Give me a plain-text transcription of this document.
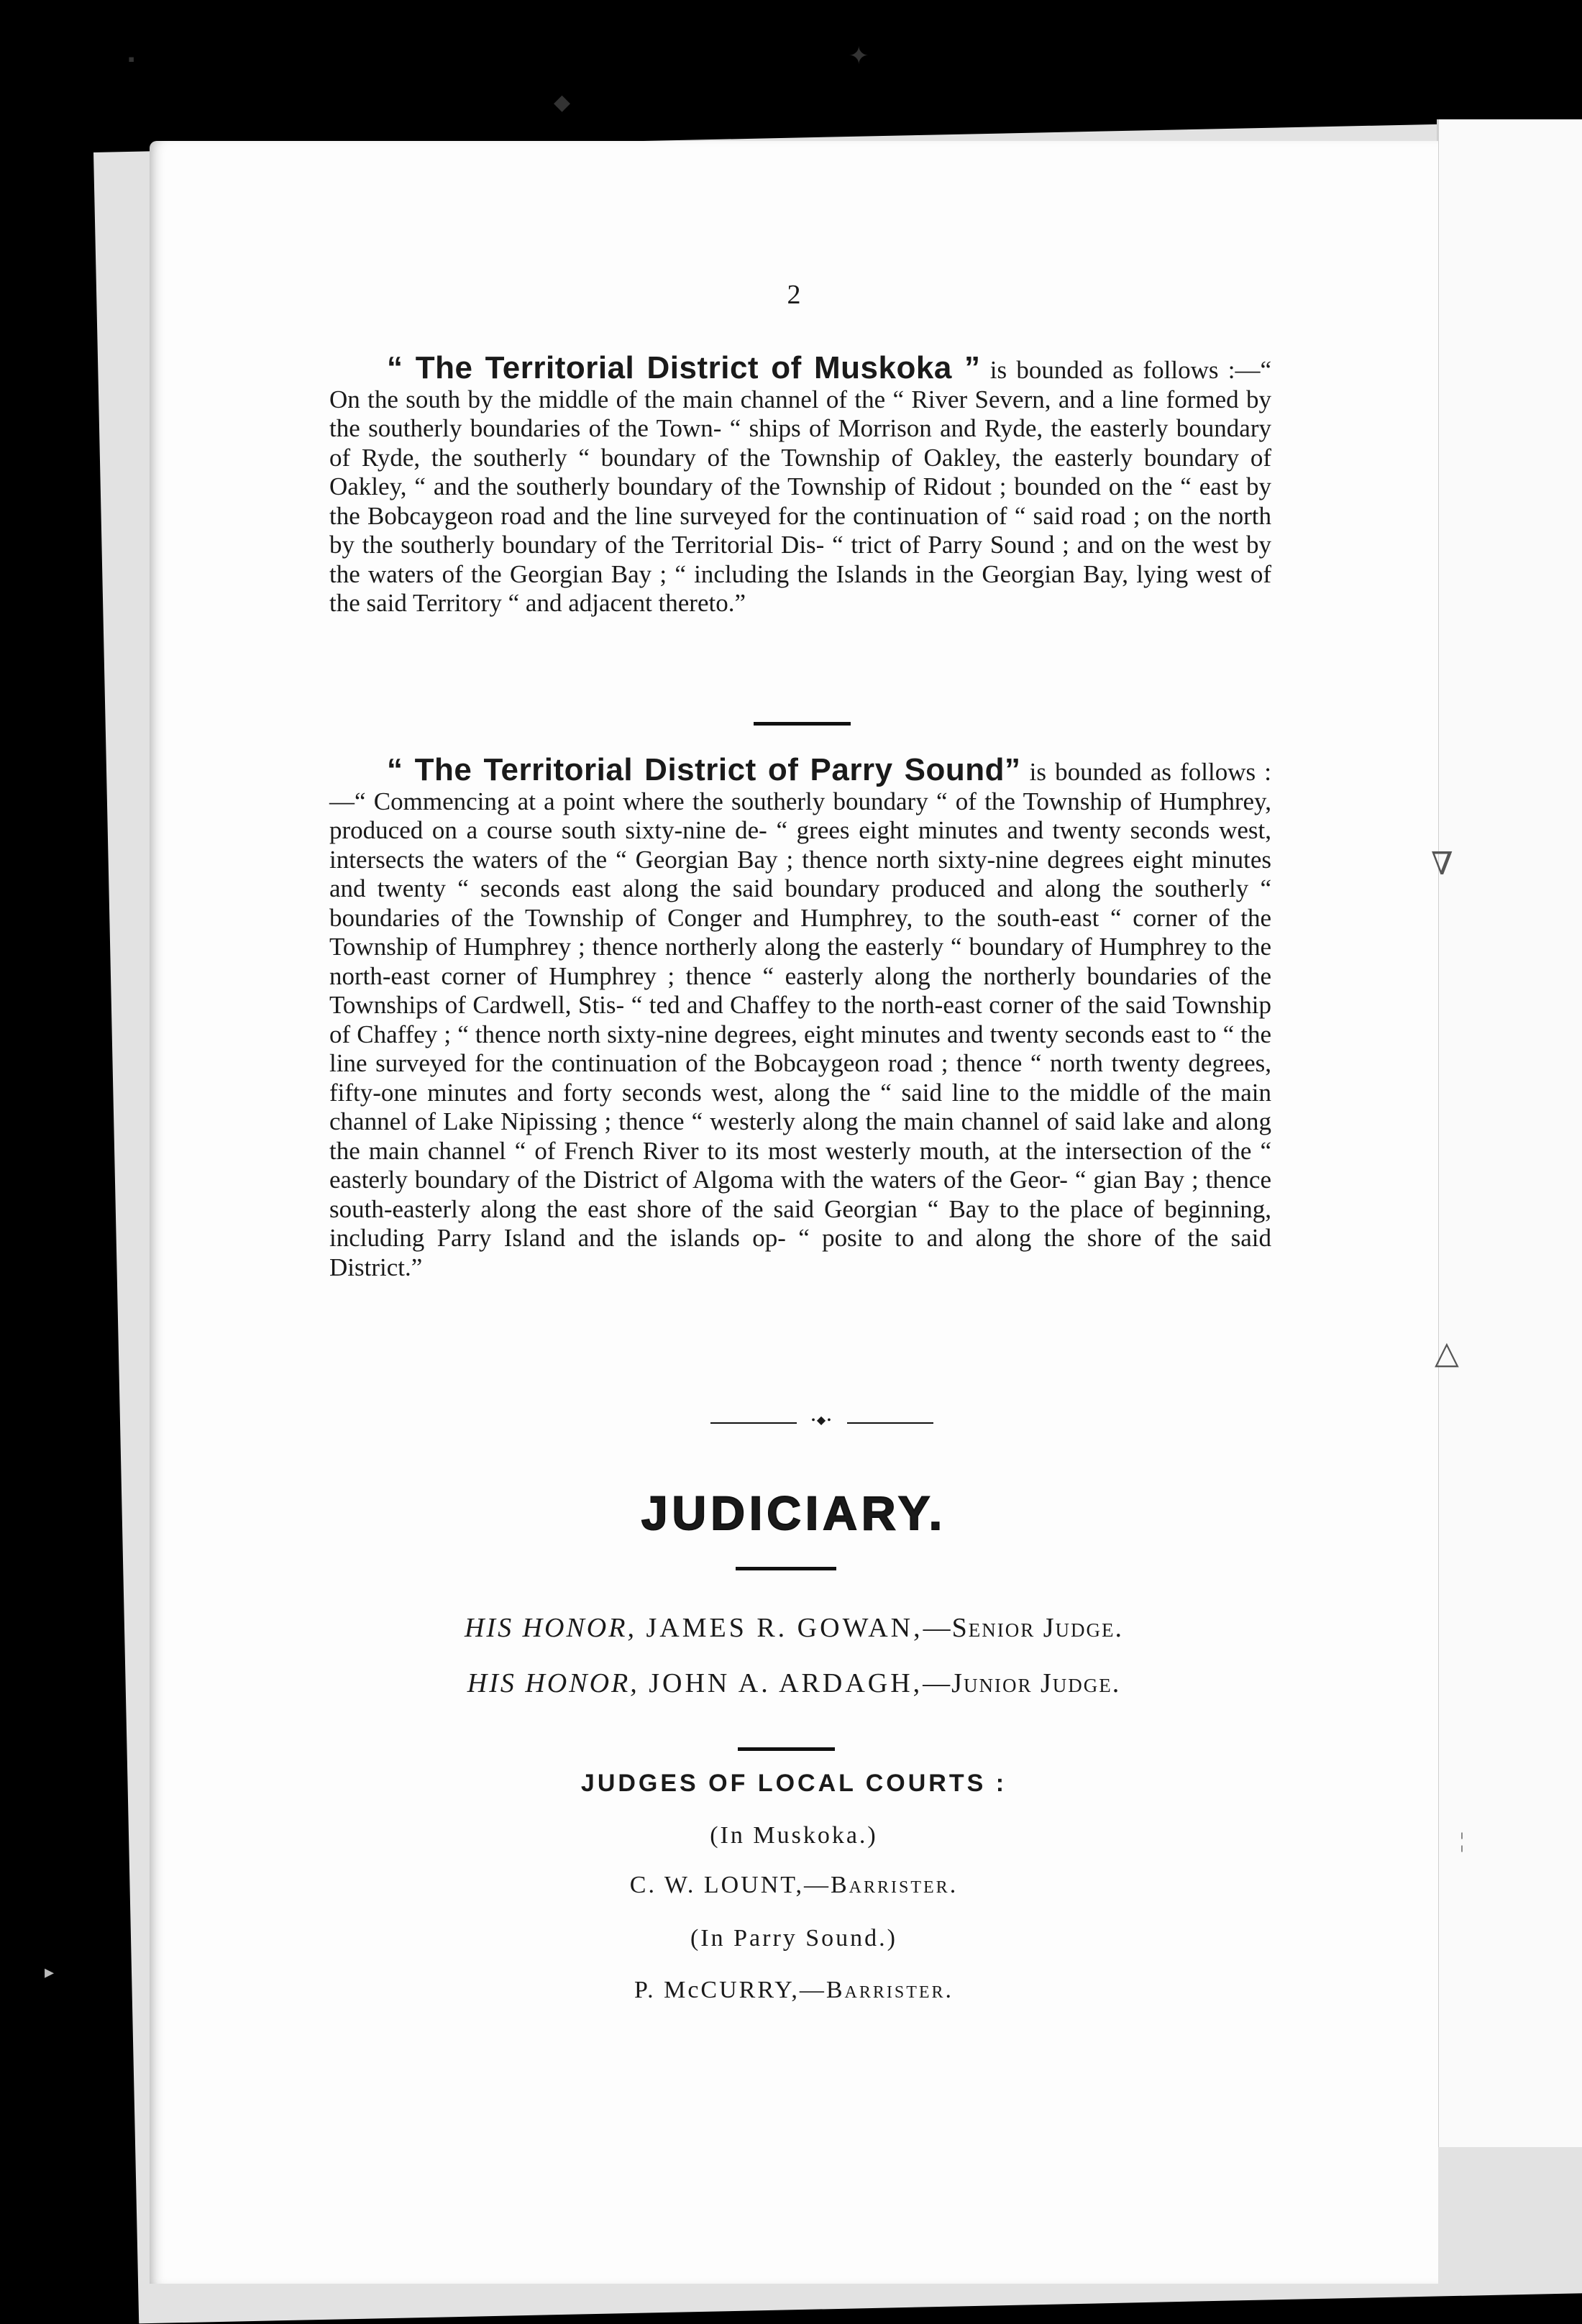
▪	✦
◆
2
“ The Territorial District of Muskoka ” is bounded as follows :—“ On the south by the middle of the main channel of the “ River Severn, and a line formed by the southerly boundaries of the Town- “ ships of Morrison and Ryde, the easterly boundary of Ryde, the southerly “ boundary of the Township of Oakley, the easterly boundary of Oakley, “ and the southerly boundary of the Township of Ridout ; bounded on the “ east by the Bobcaygeon road and the line surveyed for the continuation of “ said road ; on the north by the southerly boundary of the Territorial Dis- “ trict of Parry Sound ; and on the west by the waters of the Georgian Bay ; “ including the Islands in the Georgian Bay, lying west of the said Territory “ and adjacent thereto.”
“ The Territorial District of Parry Sound” is bounded as follows :—“ Commencing at a point where the southerly boundary “ of the Township of Humphrey, produced on a course south sixty-nine de- “ grees eight minutes and twenty seconds west, intersects the waters of the “ Georgian Bay ; thence north sixty-nine degrees eight minutes and twenty “ seconds east along the said boundary produced and along the southerly “ boundaries of the Township of Conger and Humphrey, to the south-east “ corner of the Township of Humphrey ; thence northerly along the easterly “ boundary of Humphrey to the north-east corner of Humphrey ; thence “ easterly along the northerly boundaries of the Townships of Cardwell, Stis- “ ted and Chaffey to the north-east corner of the said Township of Chaffey ; “ thence north sixty-nine degrees, eight minutes and twenty seconds east to “ the line surveyed for the continuation of the Bobcaygeon road ; thence “ north twenty degrees, fifty-one minutes and forty seconds west, along the “ said line to the middle of the main channel of Lake Nipissing ; thence “ westerly along the main channel of said lake and along the main channel “ of French River to its most westerly mouth, at the intersection of the “ easterly boundary of the District of Algoma with the waters of the Geor- “ gian Bay ; thence south-easterly along the east shore of the said Georgian “ Bay to the place of beginning, including Parry Island and the islands op- “ posite to and along the shore of the said District.”
•◆•
JUDICIARY.
HIS HONOR, JAMES R. GOWAN,—Senior Judge.
HIS HONOR, JOHN A. ARDAGH,—Junior Judge.
JUDGES OF LOCAL COURTS :
(In Muskoka.)
C. W. LOUNT,—Barrister.
(In Parry Sound.)
P. McCURRY,—Barrister.
∇
△
¦
▸
